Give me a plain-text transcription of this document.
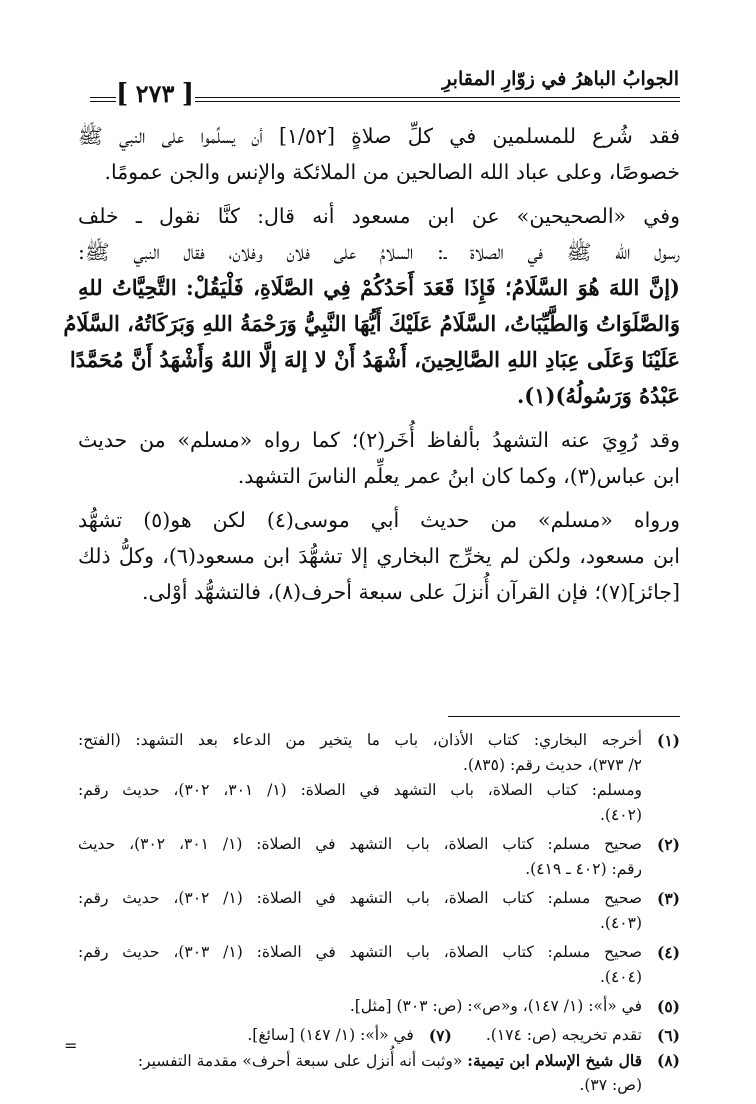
الجوابُ الباهرُ في زوّارِ المقابرِ
[ ٢٧٣ ]
فقد شُرع للمسلمين في كلِّ صلاةٍ [١/٥٢] أن يسلِّموا على النبي ﷺ
خصوصًا، وعلى عباد الله الصالحين من الملائكة والإنس والجن عمومًا.
وفي «الصحيحين» عن ابن مسعود أنه قال: كنَّا نقول ـ خلف
رسول الله ﷺ في الصلاة ـ: السلامُ على فلان وفلان، فقال النبي ﷺ:
(إنَّ اللهَ هُوَ السَّلَامُ؛ فَإِذَا قَعَدَ أَحَدُكُمْ فِي الصَّلَاةِ، فَلْيَقُلْ: التَّحِيَّاتُ للهِ
وَالصَّلَوَاتُ وَالطَّيِّبَاتُ، السَّلَامُ عَلَيْكَ أَيُّهَا النَّبِيُّ وَرَحْمَةُ اللهِ وَبَرَكَاتُهُ، السَّلَامُ
عَلَيْنَا وَعَلَى عِبَادِ اللهِ الصَّالِحِينَ، أَشْهَدُ أَنْ لا إلهَ إلَّا اللهُ وَأَشْهَدُ أَنَّ مُحَمَّدًا
عَبْدُهُ وَرَسُولُهُ)(١).
وقد رُوِيَ عنه التشهدُ بألفاظ أُخَر(٢)؛ كما رواه «مسلم» من حديث
ابن عباس(٣)، وكما كان ابنُ عمر يعلِّم الناسَ التشهد.
ورواه «مسلم» من حديث أبي موسى(٤) لكن هو(٥) تشهُّد
ابن مسعود، ولكن لم يخرِّج البخاري إلا تشهُّدَ ابن مسعود(٦)، وكلُّ ذلك
[جائز](٧)؛ فإن القرآن أُنزلَ على سبعة أحرف(٨)، فالتشهُّد أوْلى.
(١)
أخرجه البخاري: كتاب الأذان، باب ما يتخير من الدعاء بعد التشهد: (الفتح:
٢/ ٣٧٣)، حديث رقم: (٨٣٥).
ومسلم: كتاب الصلاة، باب التشهد في الصلاة: (١/ ٣٠١، ٣٠٢)، حديث رقم:
(٤٠٢).
(٢)
صحيح مسلم: كتاب الصلاة، باب التشهد في الصلاة: (١/ ٣٠١، ٣٠٢)، حديث
رقم: (٤٠٢ ـ ٤١٩).
(٣)
صحيح مسلم: كتاب الصلاة، باب التشهد في الصلاة: (١/ ٣٠٢)، حديث رقم:
(٤٠٣).
(٤)
صحيح مسلم: كتاب الصلاة، باب التشهد في الصلاة: (١/ ٣٠٣)، حديث رقم:
(٤٠٤).
(٥)
في «أ»: (١/ ١٤٧)، و«ص»: (ص: ٣٠٣) [مثل].
(٦)
تقدم تخريجه (ص: ١٧٤).
(٧)
في «أ»: (١/ ١٤٧) [سائغ].
(٨)
قال شيخ الإسلام ابن تيمية: «وثبت أنه أُنزل على سبعة أحرف» مقدمة التفسير:
(ص: ٣٧).
=
